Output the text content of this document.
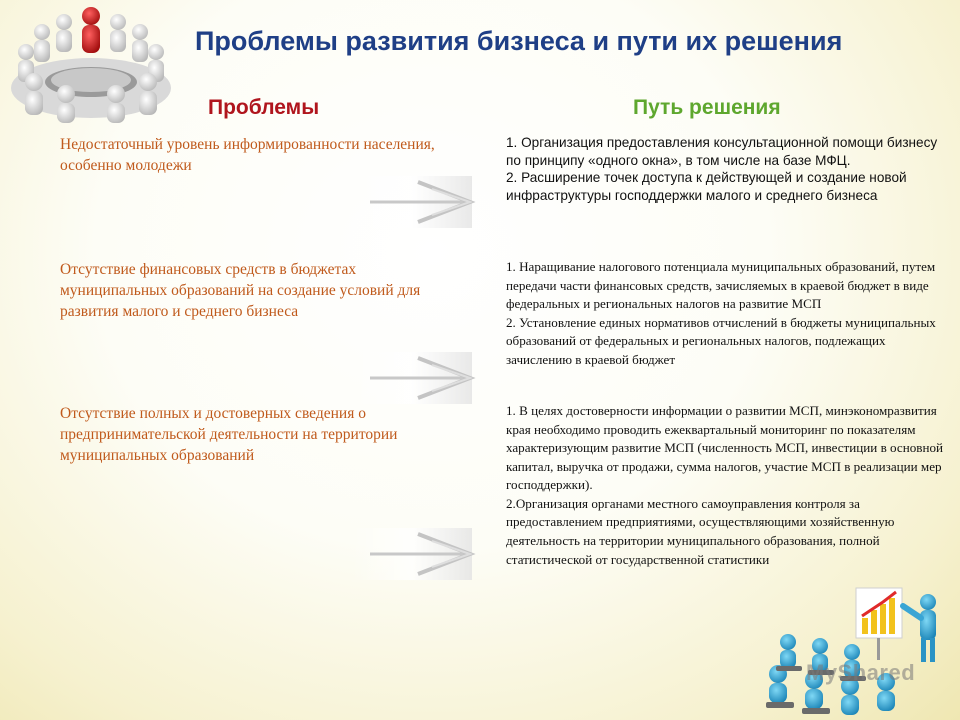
Проблемы развития бизнеса и пути их решения
Проблемы	Путь решения
Недостаточный уровень информированности населения, особенно молодежи

1. Организация предоставления консультационной помощи бизнесу по принципу «одного окна», в том числе на базе МФЦ.

2. Расширение точек доступа к действующей и создание новой инфраструктуры господдержки малого и среднего бизнеса

Отсутствие финансовых средств в бюджетах муниципальных образований на создание условий для развития малого и среднего бизнеса

1. Наращивание налогового потенциала муниципальных образований, путем передачи части финансовых средств, зачисляемых в краевой бюджет в виде федеральных и региональных налогов на развитие МСП

2. Установление единых нормативов отчислений в бюджеты муниципальных образований от федеральных и региональных налогов, подлежащих зачислению в краевой бюджет

Отсутствие полных и достоверных сведения о предпринимательской деятельности на территории муниципальных образований

1. В целях достоверности информации о развитии МСП, минэкономразвития края необходимо проводить ежеквартальный мониторинг по показателям характеризующим развитие МСП (численность МСП, инвестиции в основной капитал, выручка от продажи, сумма налогов, участие МСП в реализации мер господдержки).

2.Организация органами местного самоуправления контроля за предоставлением предприятиями, осуществляющими хозяйственную деятельность на территории муниципального образования, полной статистической от государственной статистики

MyShared
